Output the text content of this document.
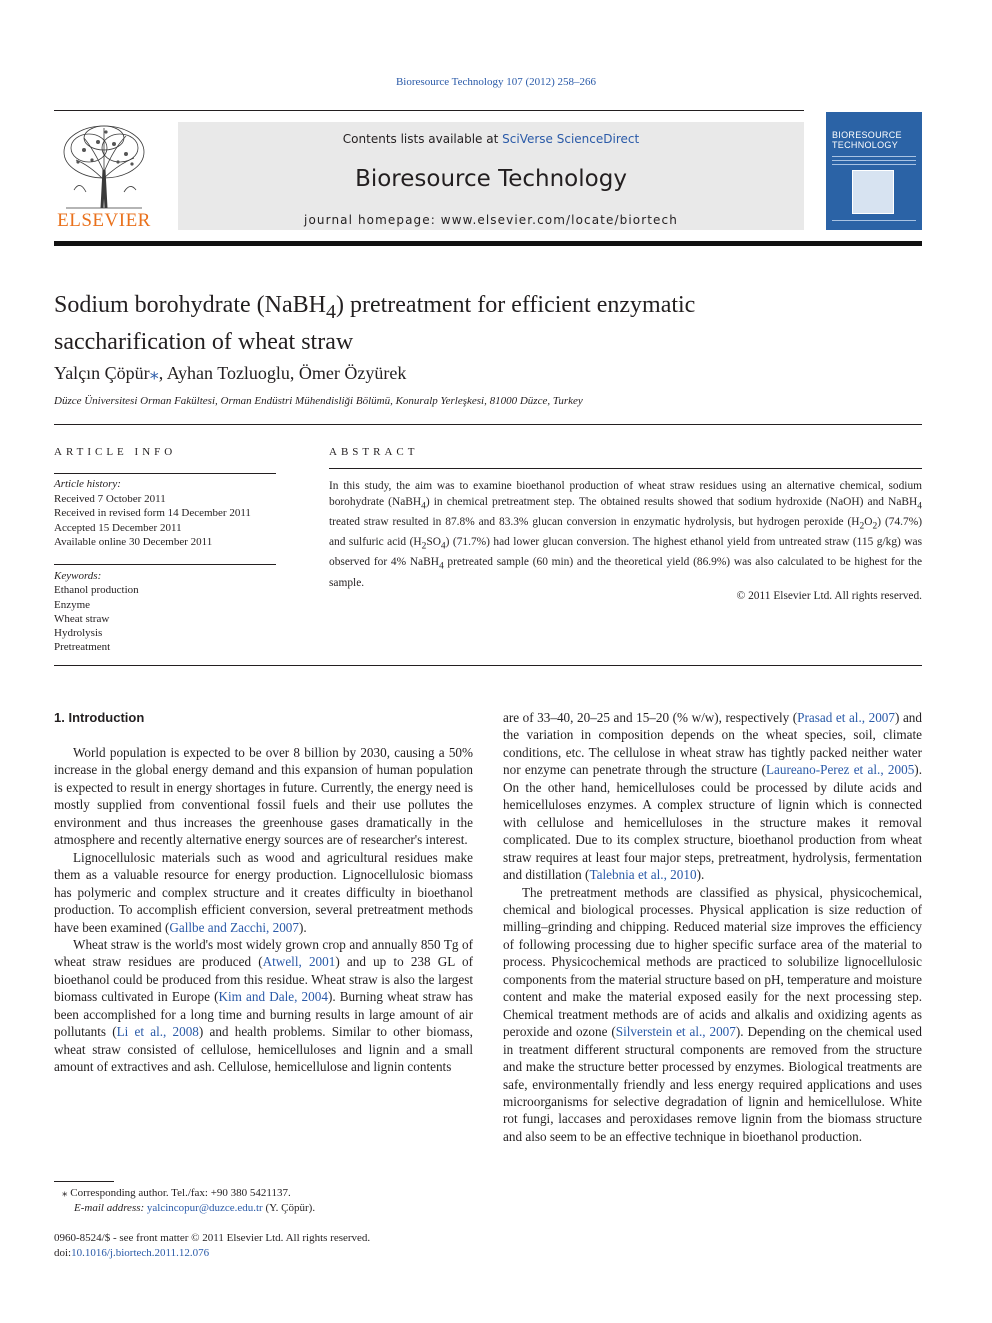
Bioresource Technology 107 (2012) 258–266
ELSEVIER
Contents lists available at SciVerse ScienceDirect
Bioresource Technology
journal homepage: www.elsevier.com/locate/biortech
BIORESOURCE
TECHNOLOGY
Sodium borohydrate (NaBH$_4$) pretreatment for efficient enzymatic
saccharification of wheat straw
Yalçın Çöpür⁎, Ayhan Tozluoglu, Ömer Özyürek
Düzce Üniversitesi Orman Fakültesi, Orman Endüstri Mühendisliği Bölümü, Konuralp Yerleşkesi, 81000 Düzce, Turkey
ARTICLE INFO	ABSTRACT
Article history:
Received 7 October 2011
Received in revised form 14 December 2011
Accepted 15 December 2011
Available online 30 December 2011
Keywords:
Ethanol production
Enzyme
Wheat straw
Hydrolysis
Pretreatment
In this study, the aim was to examine bioethanol production of wheat straw residues using an alternative chemical, sodium borohydrate (NaBH$_4$) in chemical pretreatment step. The obtained results showed that sodium hydroxide (NaOH) and NaBH$_4$ treated straw resulted in 87.8% and 83.3% glucan conversion in enzymatic hydrolysis, but hydrogen peroxide $(H_2O_2)$ (74.7%) and sulfuric acid $(H_2SO_4)$ (71.7%) had lower glucan conversion. The highest ethanol yield from untreated straw (115 g/kg) was observed for 4% NaBH$_4$ pretreated sample (60 min) and the theoretical yield (86.9%) was also calculated to be highest for the sample.
© 2011 Elsevier Ltd. All rights reserved.
1. Introduction

World population is expected to be over 8 billion by 2030, causing a 50% increase in the global energy demand and this expansion of human population is expected to result in energy shortages in future. Currently, the energy need is mostly supplied from conventional fossil fuels and their use pollutes the environment and thus increases the greenhouse gases dramatically in the atmosphere and recently alternative energy sources are of researcher's interest.

Lignocellulosic materials such as wood and agricultural residues make them as a valuable resource for energy production. Lignocellulosic biomass has polymeric and complex structure and it creates difficulty in bioethanol production. To accomplish efficient conversion, several pretreatment methods have been examined (Gallbe and Zacchi, 2007).

Wheat straw is the world's most widely grown crop and annually 850 Tg of wheat straw residues are produced (Atwell, 2001) and up to 238 GL of bioethanol could be produced from this residue. Wheat straw is also the largest biomass cultivated in Europe (Kim and Dale, 2004). Burning wheat straw has been accomplished for a long time and burning results in large amount of air pollutants (Li et al., 2008) and health problems. Similar to other biomass, wheat straw consisted of cellulose, hemicelluloses and lignin and a small amount of extractives and ash. Cellulose, hemicellulose and lignin contents

are of 33–40, 20–25 and 15–20 (% w/w), respectively (Prasad et al., 2007) and the variation in composition depends on the wheat species, soil, climate conditions, etc. The cellulose in wheat straw has tightly packed neither water nor enzyme can penetrate through the structure (Laureano-Perez et al., 2005). On the other hand, hemicelluloses could be processed by dilute acids and hemicelluloses enzymes. A complex structure of lignin which is connected with cellulose and hemicelluloses in the structure makes it removal complicated. Due to its complex structure, bioethanol production from wheat straw requires at least four major steps, pretreatment, hydrolysis, fermentation and distillation (Talebnia et al., 2010).

The pretreatment methods are classified as physical, physicochemical, chemical and biological processes. Physical application is size reduction of milling–grinding and chipping. Reduced material size improves the efficiency of following processing due to higher specific surface area of the material to process. Physicochemical methods are practiced to solubilize lignocellulosic components from the material structure based on pH, temperature and moisture content and make the material exposed easily for the next processing step. Chemical treatment methods are of acids and alkalis and oxidizing agents as peroxide and ozone (Silverstein et al., 2007). Depending on the chemical used in treatment different structural components are removed from the structure and make the structure better processed by enzymes. Biological treatments are safe, environmentally friendly and less energy required applications and uses microorganisms for selective degradation of lignin and hemicellulose. White rot fungi, laccases and peroxidases remove lignin from the biomass structure and also seem to be an effective technique in bioethanol production.

⁎ Corresponding author. Tel./fax: +90 380 5421137.
E-mail address: yalcincopur@duzce.edu.tr (Y. Çöpür).
0960-8524/$ - see front matter © 2011 Elsevier Ltd. All rights reserved.
doi:10.1016/j.biortech.2011.12.076
